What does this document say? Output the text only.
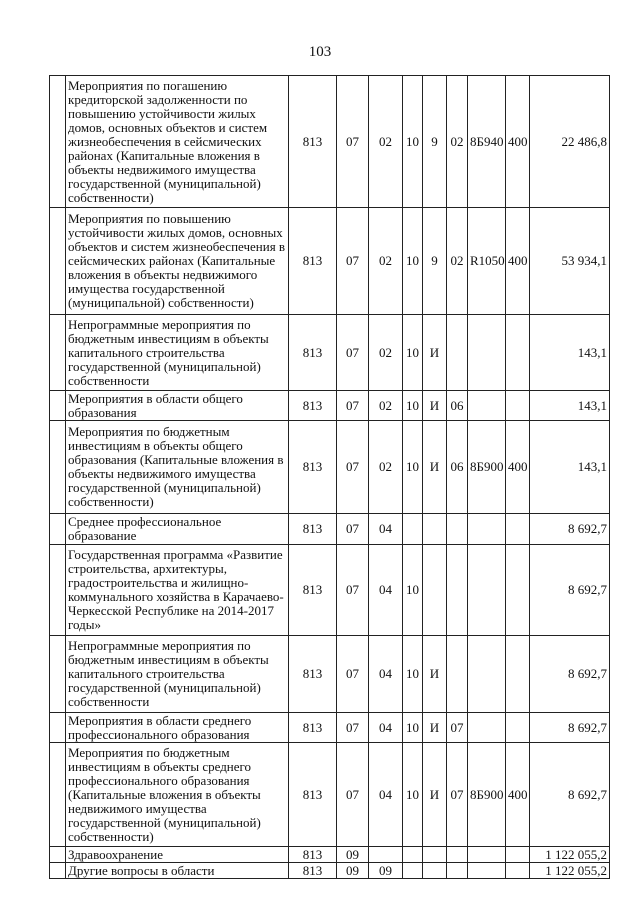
103
	Мероприятия по погашению кредиторской задолженности по повышению устойчивости жилых домов, основных объектов и систем жизнеобеспечения в сейсмических районах (Капитальные вложения в объекты недвижимого имущества государственной (муниципальной) собственности)	813	07	02	10	9	02	8Б940	400	22 486,8
	Мероприятия по повышению устойчивости жилых домов, основных объектов и систем жизнеобеспечения в сейсмических районах (Капитальные вложения в объекты недвижимого имущества государственной (муниципальной) собственности)	813	07	02	10	9	02	R1050	400	53 934,1
	Непрограммные мероприятия по бюджетным инвестициям в объекты капитального строительства государственной (муниципальной) собственности	813	07	02	10	И				143,1
	Мероприятия в области общего образования	813	07	02	10	И	06			143,1
	Мероприятия по бюджетным инвестициям в объекты общего образования (Капитальные вложения в объекты недвижимого имущества государственной (муниципальной) собственности)	813	07	02	10	И	06	8Б900	400	143,1
	Среднее профессиональное образование	813	07	04						8 692,7
	Государственная программа «Развитие строительства, архитектуры, градостроительства и жилищно-коммунального хозяйства в Карачаево-Черкесской Республике на 2014-2017 годы»	813	07	04	10					8 692,7
	Непрограммные мероприятия по бюджетным инвестициям в объекты капитального строительства государственной (муниципальной) собственности	813	07	04	10	И				8 692,7
	Мероприятия в области среднего профессионального образования	813	07	04	10	И	07			8 692,7
	Мероприятия по бюджетным инвестициям в объекты среднего профессионального образования (Капитальные вложения в объекты недвижимого имущества государственной (муниципальной) собственности)	813	07	04	10	И	07	8Б900	400	8 692,7
	Здравоохранение	813	09							1 122 055,2
	Другие вопросы в области	813	09	09						1 122 055,2
